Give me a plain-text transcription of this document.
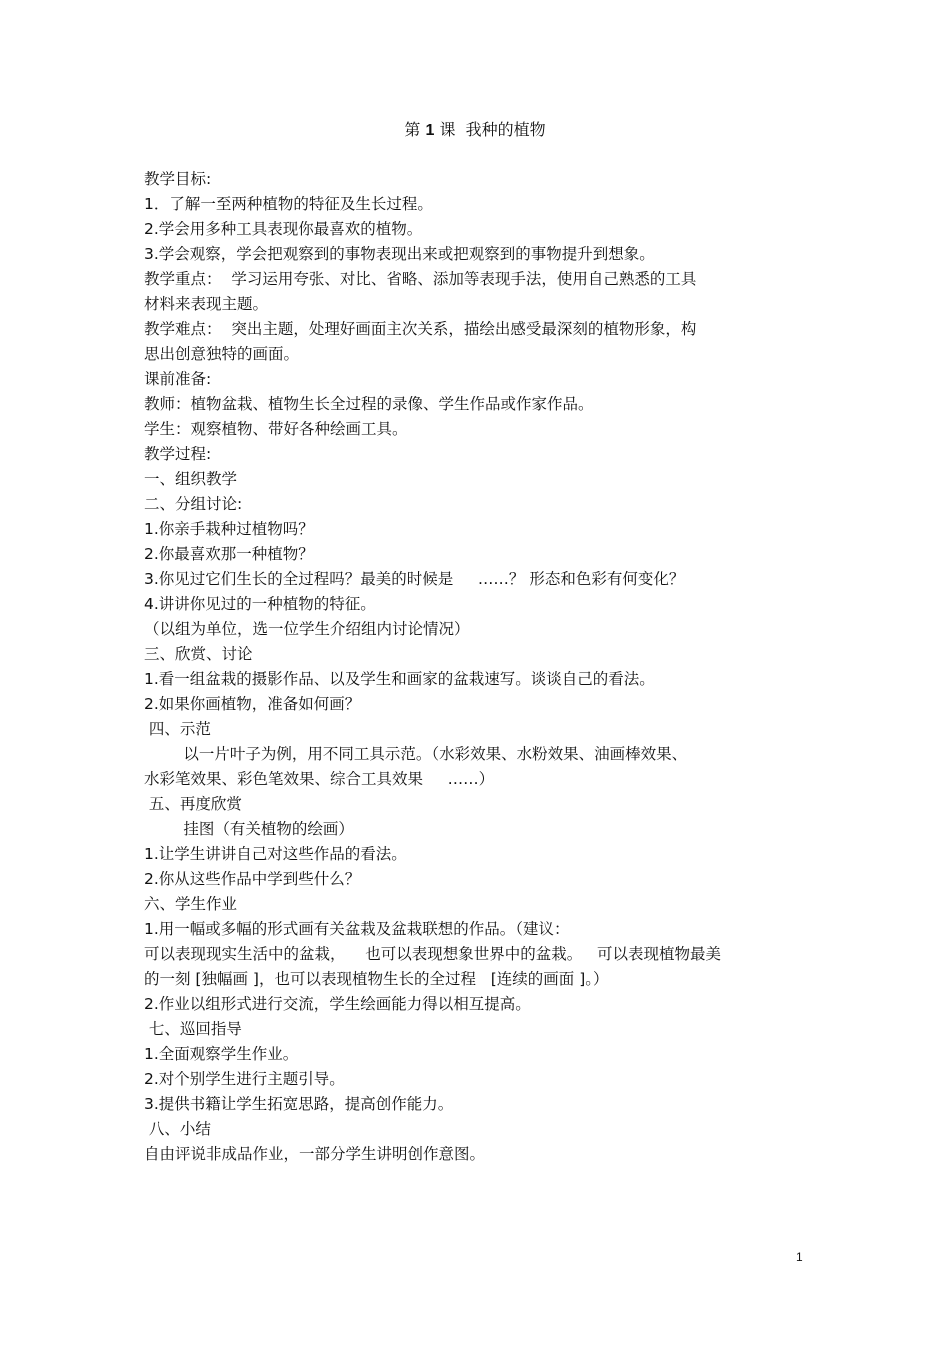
第 1 课 我种的植物
教学目标:
1．了解一至两种植物的特征及生长过程。
2.学会用多种工具表现你最喜欢的植物。
3.学会观察，学会把观察到的事物表现出来或把观察到的事物提升到想象。
教学重点：  学习运用夸张、对比、省略、添加等表现手法，使用自己熟悉的工具
材料来表现主题。
教学难点：  突出主题，处理好画面主次关系，描绘出感受最深刻的植物形象，构
思出创意独特的画面。
课前准备:
教师：植物盆栽、植物生长全过程的录像、学生作品或作家作品。
学生：观察植物、带好各种绘画工具。
教学过程:
一、组织教学
二、分组讨论:
1.你亲手栽种过植物吗？
2.你最喜欢那一种植物？
3.你见过它们生长的全过程吗？最美的时候是     ……？ 形态和色彩有何变化？
4.讲讲你见过的一种植物的特征。
（以组为单位，选一位学生介绍组内讨论情况）
三、欣赏、讨论
1.看一组盆栽的摄影作品、以及学生和画家的盆栽速写。谈谈自己的看法。
2.如果你画植物，准备如何画？
四、示范
以一片叶子为例，用不同工具示范。（水彩效果、水粉效果、油画棒效果、
水彩笔效果、彩色笔效果、综合工具效果     ……）
五、再度欣赏
挂图（有关植物的绘画）
1.让学生讲讲自己对这些作品的看法。
2.你从这些作品中学到些什么？
六、学生作业
1.用一幅或多幅的形式画有关盆栽及盆栽联想的作品。（建议：
可以表现现实生活中的盆栽，    也可以表现想象世界中的盆栽。   可以表现植物最美
的一刻 [独幅画 ]，也可以表现植物生长的全过程   [连续的画面 ]。）
2.作业以组形式进行交流，学生绘画能力得以相互提高。
七、巡回指导
1.全面观察学生作业。
2.对个别学生进行主题引导。
3.提供书籍让学生拓宽思路，提高创作能力。
八、小结
自由评说非成品作业，一部分学生讲明创作意图。
1
